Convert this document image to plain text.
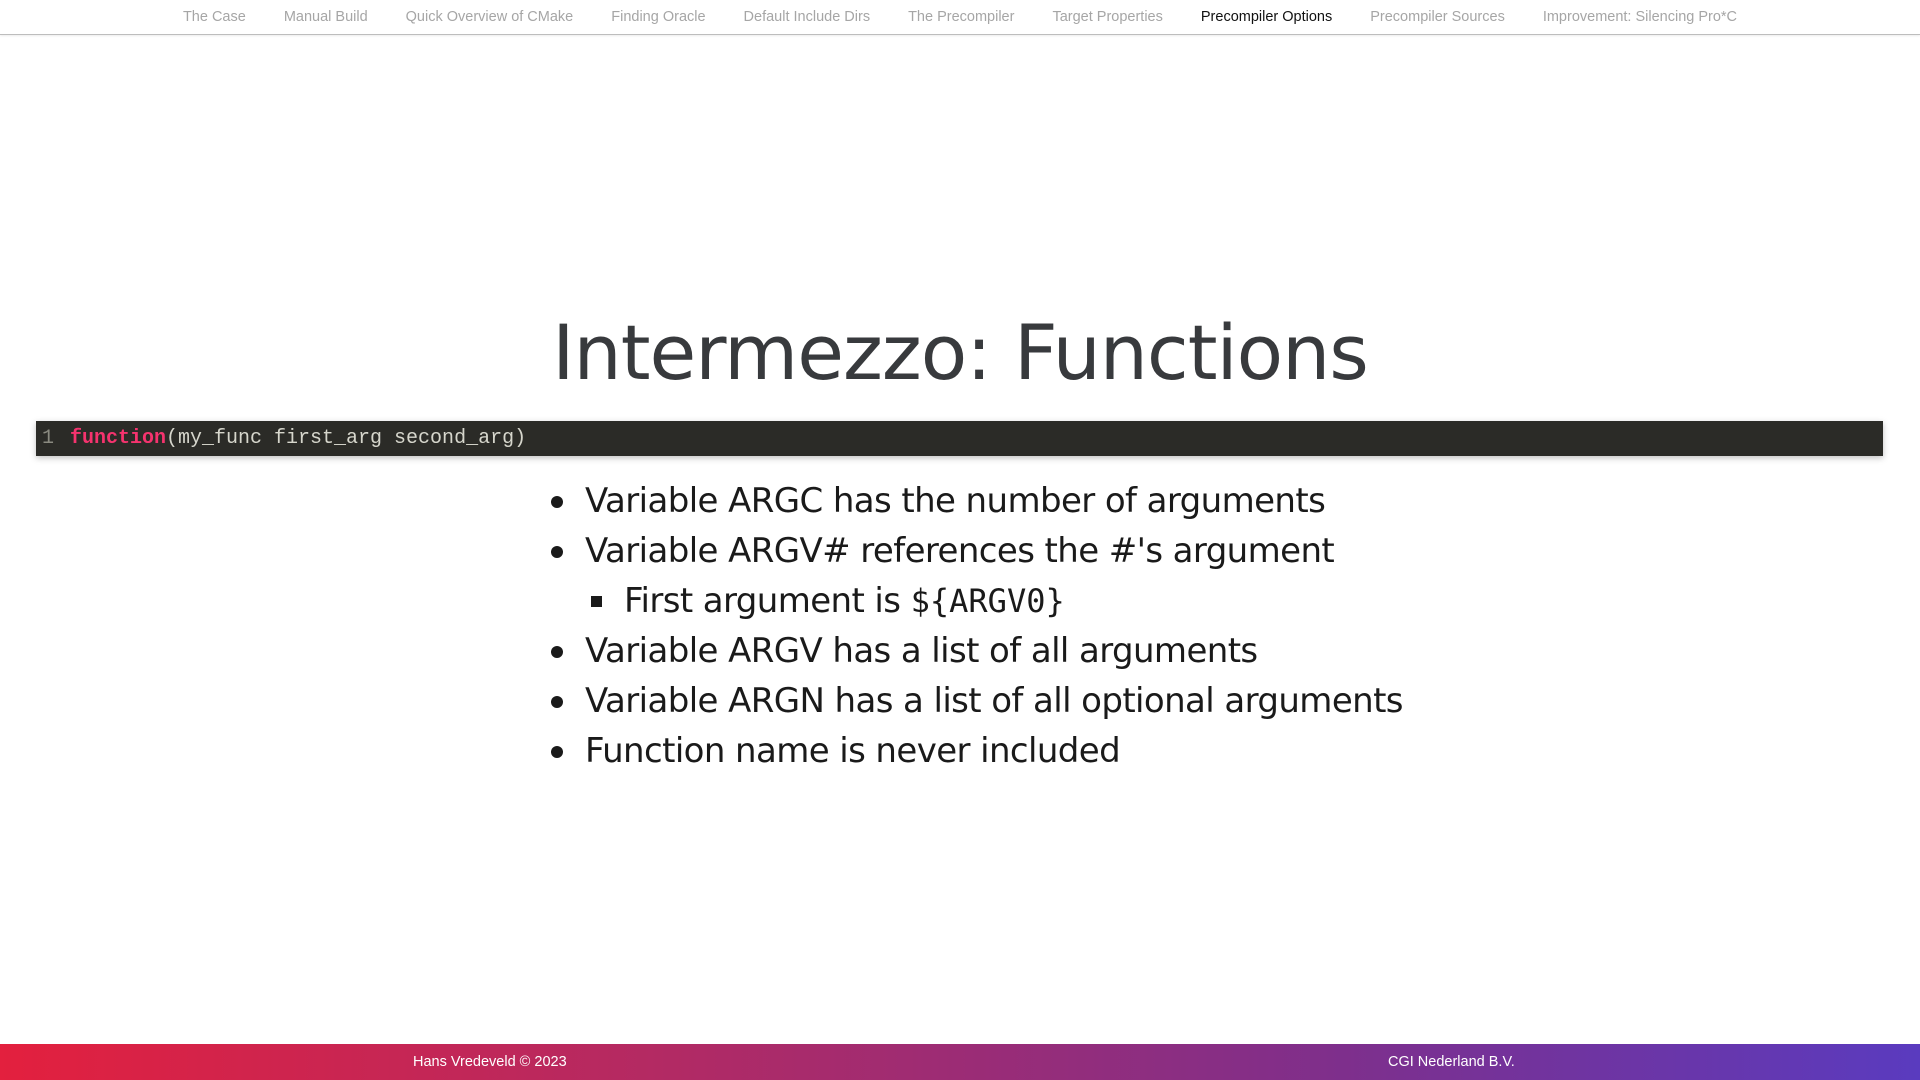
The Case	Manual Build	Quick Overview of CMake	Finding Oracle	Default Include Dirs	The Precompiler	Target Properties	Precompiler Options	Precompiler Sources	Improvement: Silencing Pro*C
Intermezzo: Functions
1 function (my_func first_arg second_arg)
Variable ARGC has the number of arguments
Variable ARGV# references the #'s argument
First argument is ${ARGV0}
Variable ARGV has a list of all arguments
Variable ARGN has a list of all optional arguments
Function name is never included
Hans Vredeveld © 2023	CGI Nederland B.V.
